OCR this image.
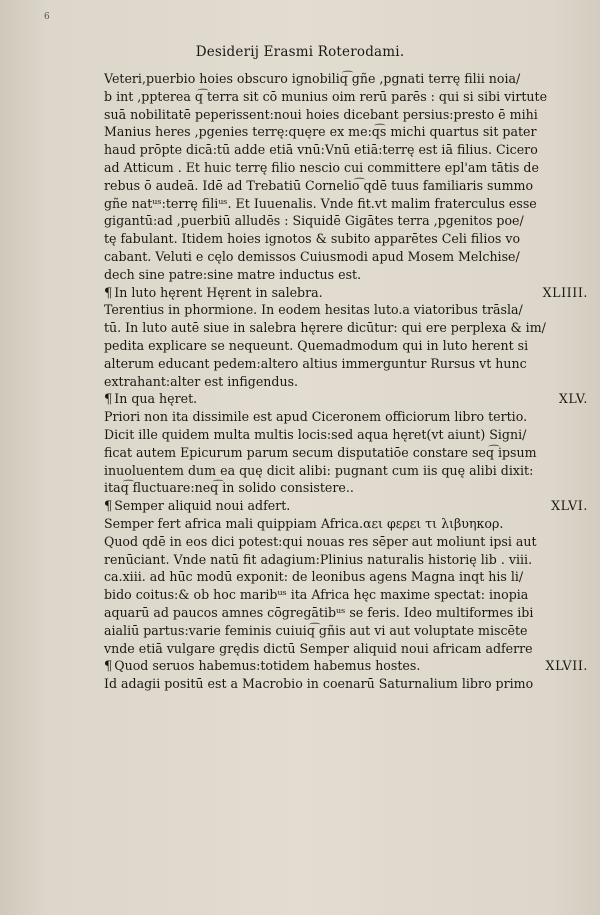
6
Desiderij Erasmi Roterodami.
Veteri,puerbio hoies obscuro ignobiliq͡ gñe ,pgnati terrę filii noia/
b int ,ppterea q͡ terra sit cō munius oim rerū parēs : qui si sibi virtute
suā nobilitatē peperissent:noui hoies dicebant persius:presto ē mihi
Manius heres ,pgenies terrę:quęre ex me:q͡s michi quartus sit pater
haud prōpte dicā:tū adde etiā vnū:Vnū etiā:terrę est iā filius. Cicero
ad Atticum . Et huic terrę filio nescio cui committere epl'am tātis de
rebus ō audeā. Idē ad Trebatiū Cornelio͡ qdē tuus familiaris summo
gñe natᵘˢ:terrę filiᵘˢ. Et Iuuenalis. Vnde fit.vt malim fraterculus esse
gigantū:ad ,puerbiū alludēs : Siquidē Gigātes terra ,pgenitos poe/
tę fabulant. Itidem hoies ignotos & subito apparētes Celi filios vo
cabant. Veluti e cęlo demissos Cuiusmodi apud Mosem Melchise/
dech sine patre:sine matre inductus est.
¶ In luto hęrent Hęrent in salebra.	XLIIII.
Terentius in phormione. In eodem hesitas luto.a viatoribus trāsla/
tū. In luto autē siue in salebra hęrere dicūtur: qui ere perplexa & im/
pedita explicare se nequeunt. Quemadmodum qui in luto herent si
alterum educant pedem:altero altius immerguntur Rursus vt hunc
extrahant:alter est infigendus.
¶ In qua hęret.	XLV.
Priori non ita dissimile est apud Ciceronem officiorum libro tertio.
Dicit ille quidem multa multis locis:sed aqua hęret(vt aiunt) Signi/
ficat autem Epicurum parum secum disputatiōe constare seq͡ ipsum
inuoluentem dum ea quę dicit alibi: pugnant cum iis quę alibi dixit:
itaq͡ fluctuare:neq͡ in solido consistere..
¶ Semper aliquid noui adfert.	XLVI.
Semper fert africa mali quippiam Africa.αει φερει τι λιβυηκορ.
Quod qdē in eos dici potest:qui nouas res sēper aut moliunt ipsi aut
renūciant. Vnde natū fit adagium:Plinius naturalis historię lib . viii.
ca.xiii. ad hūc modū exponit: de leonibus agens Magna inqt his li/
bido coitus:& ob hoc maribᵘˢ ita Africa hęc maxime spectat: inopia
aquarū ad paucos amnes cōgregātibᵘˢ se feris. Ideo multiformes ibi
aialiū partus:varie feminis cuiuiq͡ gñis aut vi aut voluptate miscēte
vnde etiā vulgare grędis dictū Semper aliquid noui africam adferre
¶ Quod seruos habemus:totidem habemus hostes.	XLVII.
Id adagii positū est a Macrobio in coenarū Saturnalium libro primo
